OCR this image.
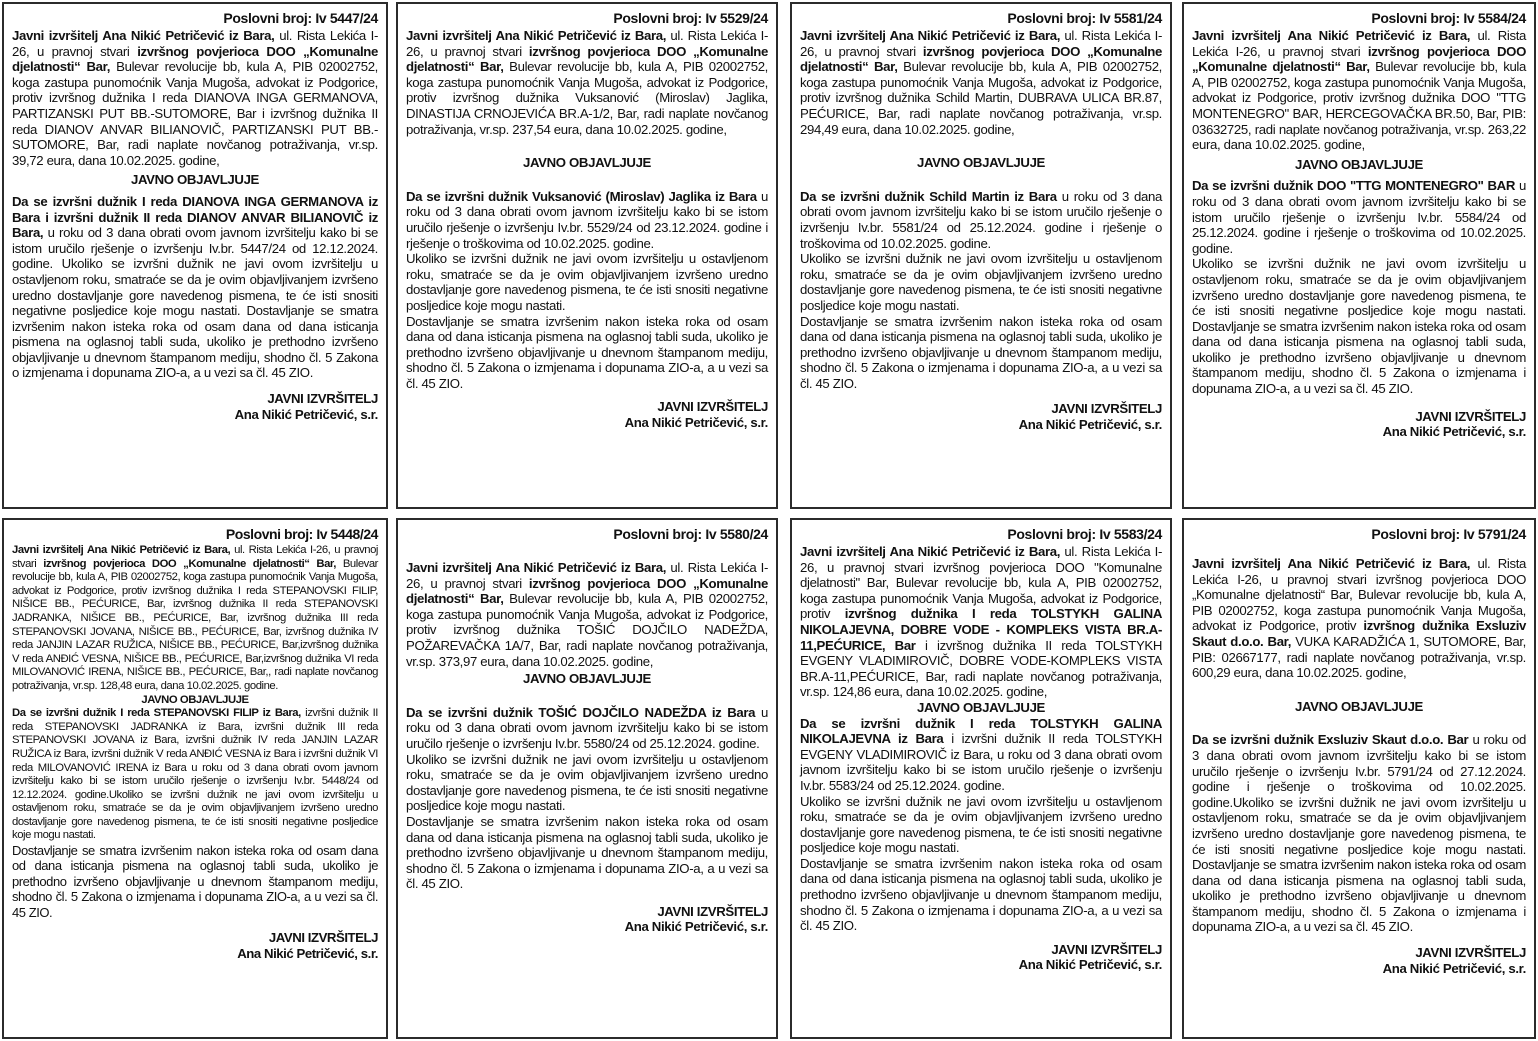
Poslovni broj: Iv 5447/24

Javni izvršitelj Ana Nikić Petričević iz Bara, ul. Rista Lekića I-26, u pravnoj stvari izvršnog povjerioca DOO „Komunalne djelatnosti“ Bar, Bulevar revolucije bb, kula A, PIB 02002752, koga zastupa punomoćnik Vanja Mugoša, advokat iz Podgorice, protiv izvršnog dužnika I reda DIANOVA INGA GERMANOVA, PARTIZANSKI PUT BB.-SUTOMORE, Bar i izvršnog dužnika II reda DIANOV ANVAR BILIANOVIČ, PARTIZANSKI PUT BB.-SUTOMORE, Bar, radi naplate novčanog potraživanja, vr.sp. 39,72 eura, dana 10.02.2025. godine,

JAVNO OBJAVLJUJE

Da se izvršni dužnik I reda DIANOVA INGA GERMANOVA iz Bara i izvršni dužnik II reda DIANOV ANVAR BILIANOVIČ iz Bara, u roku od 3 dana obrati ovom javnom izvršitelju kako bi se istom uručilo rješenje o izvršenju Iv.br. 5447/24 od 12.12.2024. godine. Ukoliko se izvršni dužnik ne javi ovom izvršitelju u ostavljenom roku, smatraće se da je ovim objavljivanjem izvršeno uredno dostavljanje gore navedenog pismena, te će isti snositi negativne posljedice koje mogu nastati. Dostavljanje se smatra izvršenim nakon isteka roka od osam dana od dana isticanja pismena na oglasnoj tabli suda, ukoliko je prethodno izvršeno objavljivanje u dnevnom štampanom mediju, shodno čl. 5 Zakona o izmjenama i dopunama ZIO-a, a u vezi sa čl. 45 ZIO.

JAVNI IZVRŠITELJ
Ana Nikić Petričević, s.r.
Poslovni broj: Iv 5529/24

Javni izvršitelj Ana Nikić Petričević iz Bara, ul. Rista Lekića I-26, u pravnoj stvari izvršnog povjerioca DOO „Komunalne djelatnosti“ Bar, Bulevar revolucije bb, kula A, PIB 02002752, koga zastupa punomoćnik Vanja Mugoša, advokat iz Podgorice, protiv izvršnog dužnika Vuksanović (Miroslav) Jaglika, DINASTIJA CRNOJEVIĆA BR.A-1/2, Bar, radi naplate novčanog potraživanja, vr.sp. 237,54 eura, dana 10.02.2025. godine,

JAVNO OBJAVLJUJE

Da se izvršni dužnik Vuksanović (Miroslav) Jaglika iz Bara u roku od 3 dana obrati ovom javnom izvršitelju kako bi se istom uručilo rješenje o izvršenju Iv.br. 5529/24 od 23.12.2024. godine i rješenje o troškovima od 10.02.2025. godine.

Ukoliko se izvršni dužnik ne javi ovom izvršitelju u ostavljenom roku, smatraće se da je ovim objavljivanjem izvršeno uredno dostavljanje gore navedenog pismena, te će isti snositi negativne posljedice koje mogu nastati.

Dostavljanje se smatra izvršenim nakon isteka roka od osam dana od dana isticanja pismena na oglasnoj tabli suda, ukoliko je prethodno izvršeno objavljivanje u dnevnom štampanom mediju, shodno čl. 5 Zakona o izmjenama i dopunama ZIO-a, a u vezi sa čl. 45 ZIO.

JAVNI IZVRŠITELJ
Ana Nikić Petričević, s.r.
Poslovni broj: Iv 5581/24

Javni izvršitelj Ana Nikić Petričević iz Bara, ul. Rista Lekića I-26, u pravnoj stvari izvršnog povjerioca DOO „Komunalne djelatnosti“ Bar, Bulevar revolucije bb, kula A, PIB 02002752, koga zastupa punomoćnik Vanja Mugoša, advokat iz Podgorice, protiv izvršnog dužnika Schild Martin, DUBRAVA ULICA BR.87, PEĆURICE, Bar, radi naplate novčanog potraživanja, vr.sp. 294,49 eura, dana 10.02.2025. godine,

JAVNO OBJAVLJUJE

Da se izvršni dužnik Schild Martin iz Bara u roku od 3 dana obrati ovom javnom izvršitelju kako bi se istom uručilo rješenje o izvršenju Iv.br. 5581/24 od 25.12.2024. godine i rješenje o troškovima od 10.02.2025. godine.

Ukoliko se izvršni dužnik ne javi ovom izvršitelju u ostavljenom roku, smatraće se da je ovim objavljivanjem izvršeno uredno dostavljanje gore navedenog pismena, te će isti snositi negativne posljedice koje mogu nastati.

Dostavljanje se smatra izvršenim nakon isteka roka od osam dana od dana isticanja pismena na oglasnoj tabli suda, ukoliko je prethodno izvršeno objavljivanje u dnevnom štampanom mediju, shodno čl. 5 Zakona o izmjenama i dopunama ZIO-a, a u vezi sa čl. 45 ZIO.

JAVNI IZVRŠITELJ
Ana Nikić Petričević, s.r.
Poslovni broj: Iv 5584/24

Javni izvršitelj Ana Nikić Petričević iz Bara, ul. Rista Lekića I-26, u pravnoj stvari izvršnog povjerioca DOO „Komunalne djelatnosti“ Bar, Bulevar revolucije bb, kula A, PIB 02002752, koga zastupa punomoćnik Vanja Mugoša, advokat iz Podgorice, protiv izvršnog dužnika DOO "TTG MONTENEGRO" BAR, HERCEGOVAČKA BR.50, Bar, PIB: 03632725, radi naplate novčanog potraživanja, vr.sp. 263,22 eura, dana 10.02.2025. godine,

JAVNO OBJAVLJUJE

Da se izvršni dužnik DOO "TTG MONTENEGRO" BAR u roku od 3 dana obrati ovom javnom izvršitelju kako bi se istom uručilo rješenje o izvršenju Iv.br. 5584/24 od 25.12.2024. godine i rješenje o troškovima od 10.02.2025. godine.

Ukoliko se izvršni dužnik ne javi ovom izvršitelju u ostavljenom roku, smatraće se da je ovim objavljivanjem izvršeno uredno dostavljanje gore navedenog pismena, te će isti snositi negativne posljedice koje mogu nastati. Dostavljanje se smatra izvršenim nakon isteka roka od osam dana od dana isticanja pismena na oglasnoj tabli suda, ukoliko je prethodno izvršeno objavljivanje u dnevnom štampanom mediju, shodno čl. 5 Zakona o izmjenama i dopunama ZIO-a, a u vezi sa čl. 45 ZIO.

JAVNI IZVRŠITELJ
Ana Nikić Petričević, s.r.
Poslovni broj: Iv 5448/24

Javni izvršitelj Ana Nikić Petričević iz Bara, ul. Rista Lekića I-26, u pravnoj stvari izvršnog povjerioca DOO „Komunalne djelatnosti“ Bar, Bulevar revolucije bb, kula A, PIB 02002752, koga zastupa punomoćnik Vanja Mugoša, advokat iz Podgorice, protiv izvršnog dužnika I reda STEPANOVSKI FILIP, NIŠICE BB., PEĆURICE, Bar, izvršnog dužnika II reda STEPANOVSKI JADRANKA, NIŠICE BB., PEĆURICE, Bar, izvršnog dužnika III reda STEPANOVSKI JOVANA, NIŠICE BB., PEĆURICE, Bar, izvršnog dužnika IV reda JANJIN LAZAR RUŽICA, NIŠICE BB., PEĆURICE, Bar,izvršnog dužnika V reda ANĐIĆ VESNA, NIŠICE BB., PEĆURICE, Bar,izvršnog dužnika VI reda MILOVANOVIĆ IRENA, NIŠICE BB., PEĆURICE, Bar,, radi naplate novčanog potraživanja, vr.sp. 128,48 eura, dana 10.02.2025. godine.

JAVNO OBJAVLJUJE

Da se izvršni dužnik I reda STEPANOVSKI FILIP iz Bara, izvršni dužnik II reda STEPANOVSKI JADRANKA iz Bara, izvršni dužnik III reda STEPANOVSKI JOVANA iz Bara, izvršni dužnik IV reda JANJIN LAZAR RUŽICA iz Bara, izvršni dužnik V reda ANĐIĆ VESNA iz Bara i izvršni dužnik VI reda MILOVANOVIĆ IRENA iz Bara u roku od 3 dana obrati ovom javnom izvršitelju kako bi se istom uručilo rješenje o izvršenju Iv.br. 5448/24 od 12.12.2024. godine.Ukoliko se izvršni dužnik ne javi ovom izvršitelju u ostavljenom roku, smatraće se da je ovim objavljivanjem izvršeno uredno dostavljanje gore navedenog pismena, te će isti snositi negativne posljedice koje mogu nastati.

Dostavljanje se smatra izvršenim nakon isteka roka od osam dana od dana isticanja pismena na oglasnoj tabli suda, ukoliko je prethodno izvršeno objavljivanje u dnevnom štampanom mediju, shodno čl. 5 Zakona o izmjenama i dopunama ZIO-a, a u vezi sa čl. 45 ZIO.

JAVNI IZVRŠITELJ
Ana Nikić Petričević, s.r.
Poslovni broj: Iv 5580/24

Javni izvršitelj Ana Nikić Petričević iz Bara, ul. Rista Lekića I-26, u pravnoj stvari izvršnog povjerioca DOO „Komunalne djelatnosti“ Bar, Bulevar revolucije bb, kula A, PIB 02002752, koga zastupa punomoćnik Vanja Mugoša, advokat iz Podgorice, protiv izvršnog dužnika TOŠIĆ DOJČILO NADEŽDA, POŽAREVAČKA 1A/7, Bar, radi naplate novčanog potraživanja, vr.sp. 373,97 eura, dana 10.02.2025. godine,

JAVNO OBJAVLJUJE

Da se izvršni dužnik TOŠIĆ DOJČILO NADEŽDA iz Bara u roku od 3 dana obrati ovom javnom izvršitelju kako bi se istom uručilo rješenje o izvršenju Iv.br. 5580/24 od 25.12.2024. godine.

Ukoliko se izvršni dužnik ne javi ovom izvršitelju u ostavljenom roku, smatraće se da je ovim objavljivanjem izvršeno uredno dostavljanje gore navedenog pismena, te će isti snositi negativne posljedice koje mogu nastati.

Dostavljanje se smatra izvršenim nakon isteka roka od osam dana od dana isticanja pismena na oglasnoj tabli suda, ukoliko je prethodno izvršeno objavljivanje u dnevnom štampanom mediju, shodno čl. 5 Zakona o izmjenama i dopunama ZIO-a, a u vezi sa čl. 45 ZIO.

JAVNI IZVRŠITELJ
Ana Nikić Petričević, s.r.
Poslovni broj: Iv 5583/24

Javni izvršitelj Ana Nikić Petričević iz Bara, ul. Rista Lekića I-26, u pravnoj stvari izvršnog povjerioca DOO "Komunalne djelatnosti" Bar, Bulevar revolucije bb, kula A, PIB 02002752, koga zastupa punomoćnik Vanja Mugoša, advokat iz Podgorice, protiv izvršnog dužnika I reda TOLSTYKH GALINA NIKOLAJEVNA, DOBRE VODE - KOMPLEKS VISTA BR.A-11,PEĆURICE, Bar i izvršnog dužnika II reda TOLSTYKH EVGENY VLADIMIROVIČ, DOBRE VODE-KOMPLEKS VISTA BR.A-11,PEĆURICE, Bar, radi naplate novčanog potraživanja, vr.sp. 124,86 eura, dana 10.02.2025. godine,

JAVNO OBJAVLJUJE

Da se izvršni dužnik I reda TOLSTYKH GALINA NIKOLAJEVNA iz Bara i izvršni dužnik II reda TOLSTYKH EVGENY VLADIMIROVIČ iz Bara, u roku od 3 dana obrati ovom javnom izvršitelju kako bi se istom uručilo rješenje o izvršenju Iv.br. 5583/24 od 25.12.2024. godine.

Ukoliko se izvršni dužnik ne javi ovom izvršitelju u ostavljenom roku, smatraće se da je ovim objavljivanjem izvršeno uredno dostavljanje gore navedenog pismena, te će isti snositi negativne posljedice koje mogu nastati.

Dostavljanje se smatra izvršenim nakon isteka roka od osam dana od dana isticanja pismena na oglasnoj tabli suda, ukoliko je prethodno izvršeno objavljivanje u dnevnom štampanom mediju, shodno čl. 5 Zakona o izmjenama i dopunama ZIO-a, a u vezi sa čl. 45 ZIO.

JAVNI IZVRŠITELJ
Ana Nikić Petričević, s.r.
Poslovni broj: Iv 5791/24

Javni izvršitelj Ana Nikić Petričević iz Bara, ul. Rista Lekića I-26, u pravnoj stvari izvršnog povjerioca DOO „Komunalne djelatnosti“ Bar, Bulevar revolucije bb, kula A, PIB 02002752, koga zastupa punomoćnik Vanja Mugoša, advokat iz Podgorice, protiv izvršnog dužnika Exsluziv Skaut d.o.o. Bar, VUKA KARADŽIĆA 1, SUTOMORE, Bar, PIB: 02667177, radi naplate novčanog potraživanja, vr.sp. 600,29 eura, dana 10.02.2025. godine,

JAVNO OBJAVLJUJE

Da se izvršni dužnik Exsluziv Skaut d.o.o. Bar u roku od 3 dana obrati ovom javnom izvršitelju kako bi se istom uručilo rješenje o izvršenju Iv.br. 5791/24 od 27.12.2024. godine i rješenje o troškovima od 10.02.2025. godine.Ukoliko se izvršni dužnik ne javi ovom izvršitelju u ostavljenom roku, smatraće se da je ovim objavljivanjem izvršeno uredno dostavljanje gore navedenog pismena, te će isti snositi negativne posljedice koje mogu nastati. Dostavljanje se smatra izvršenim nakon isteka roka od osam dana od dana isticanja pismena na oglasnoj tabli suda, ukoliko je prethodno izvršeno objavljivanje u dnevnom štampanom mediju, shodno čl. 5 Zakona o izmjenama i dopunama ZIO-a, a u vezi sa čl. 45 ZIO.

JAVNI IZVRŠITELJ
Ana Nikić Petričević, s.r.
